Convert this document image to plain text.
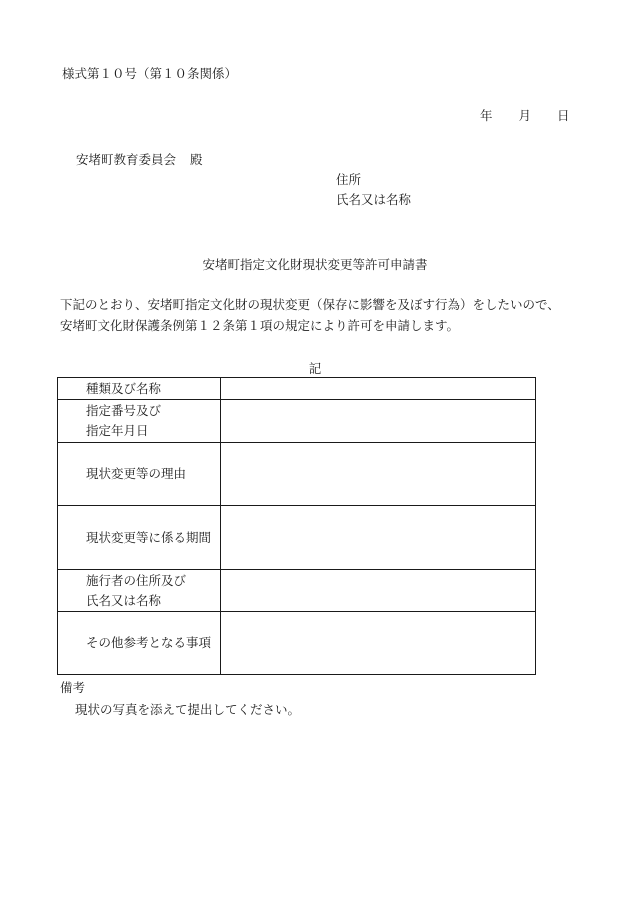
様式第１０号（第１０条関係）
年 月 日
安堵町教育委員会 殿
住所
氏名又は名称
安堵町指定文化財現状変更等許可申請書
下記のとおり、安堵町指定文化財の現状変更（保存に影響を及ぼす行為）をしたいので、
安堵町文化財保護条例第１２条第１項の規定により許可を申請します。
記
種類及び名称	

指定番号及び
指定年月日	

現状変更等の理由	

現状変更等に係る期間	

施行者の住所及び
氏名又は名称	

その他参考となる事項	

備考
現状の写真を添えて提出してください。
